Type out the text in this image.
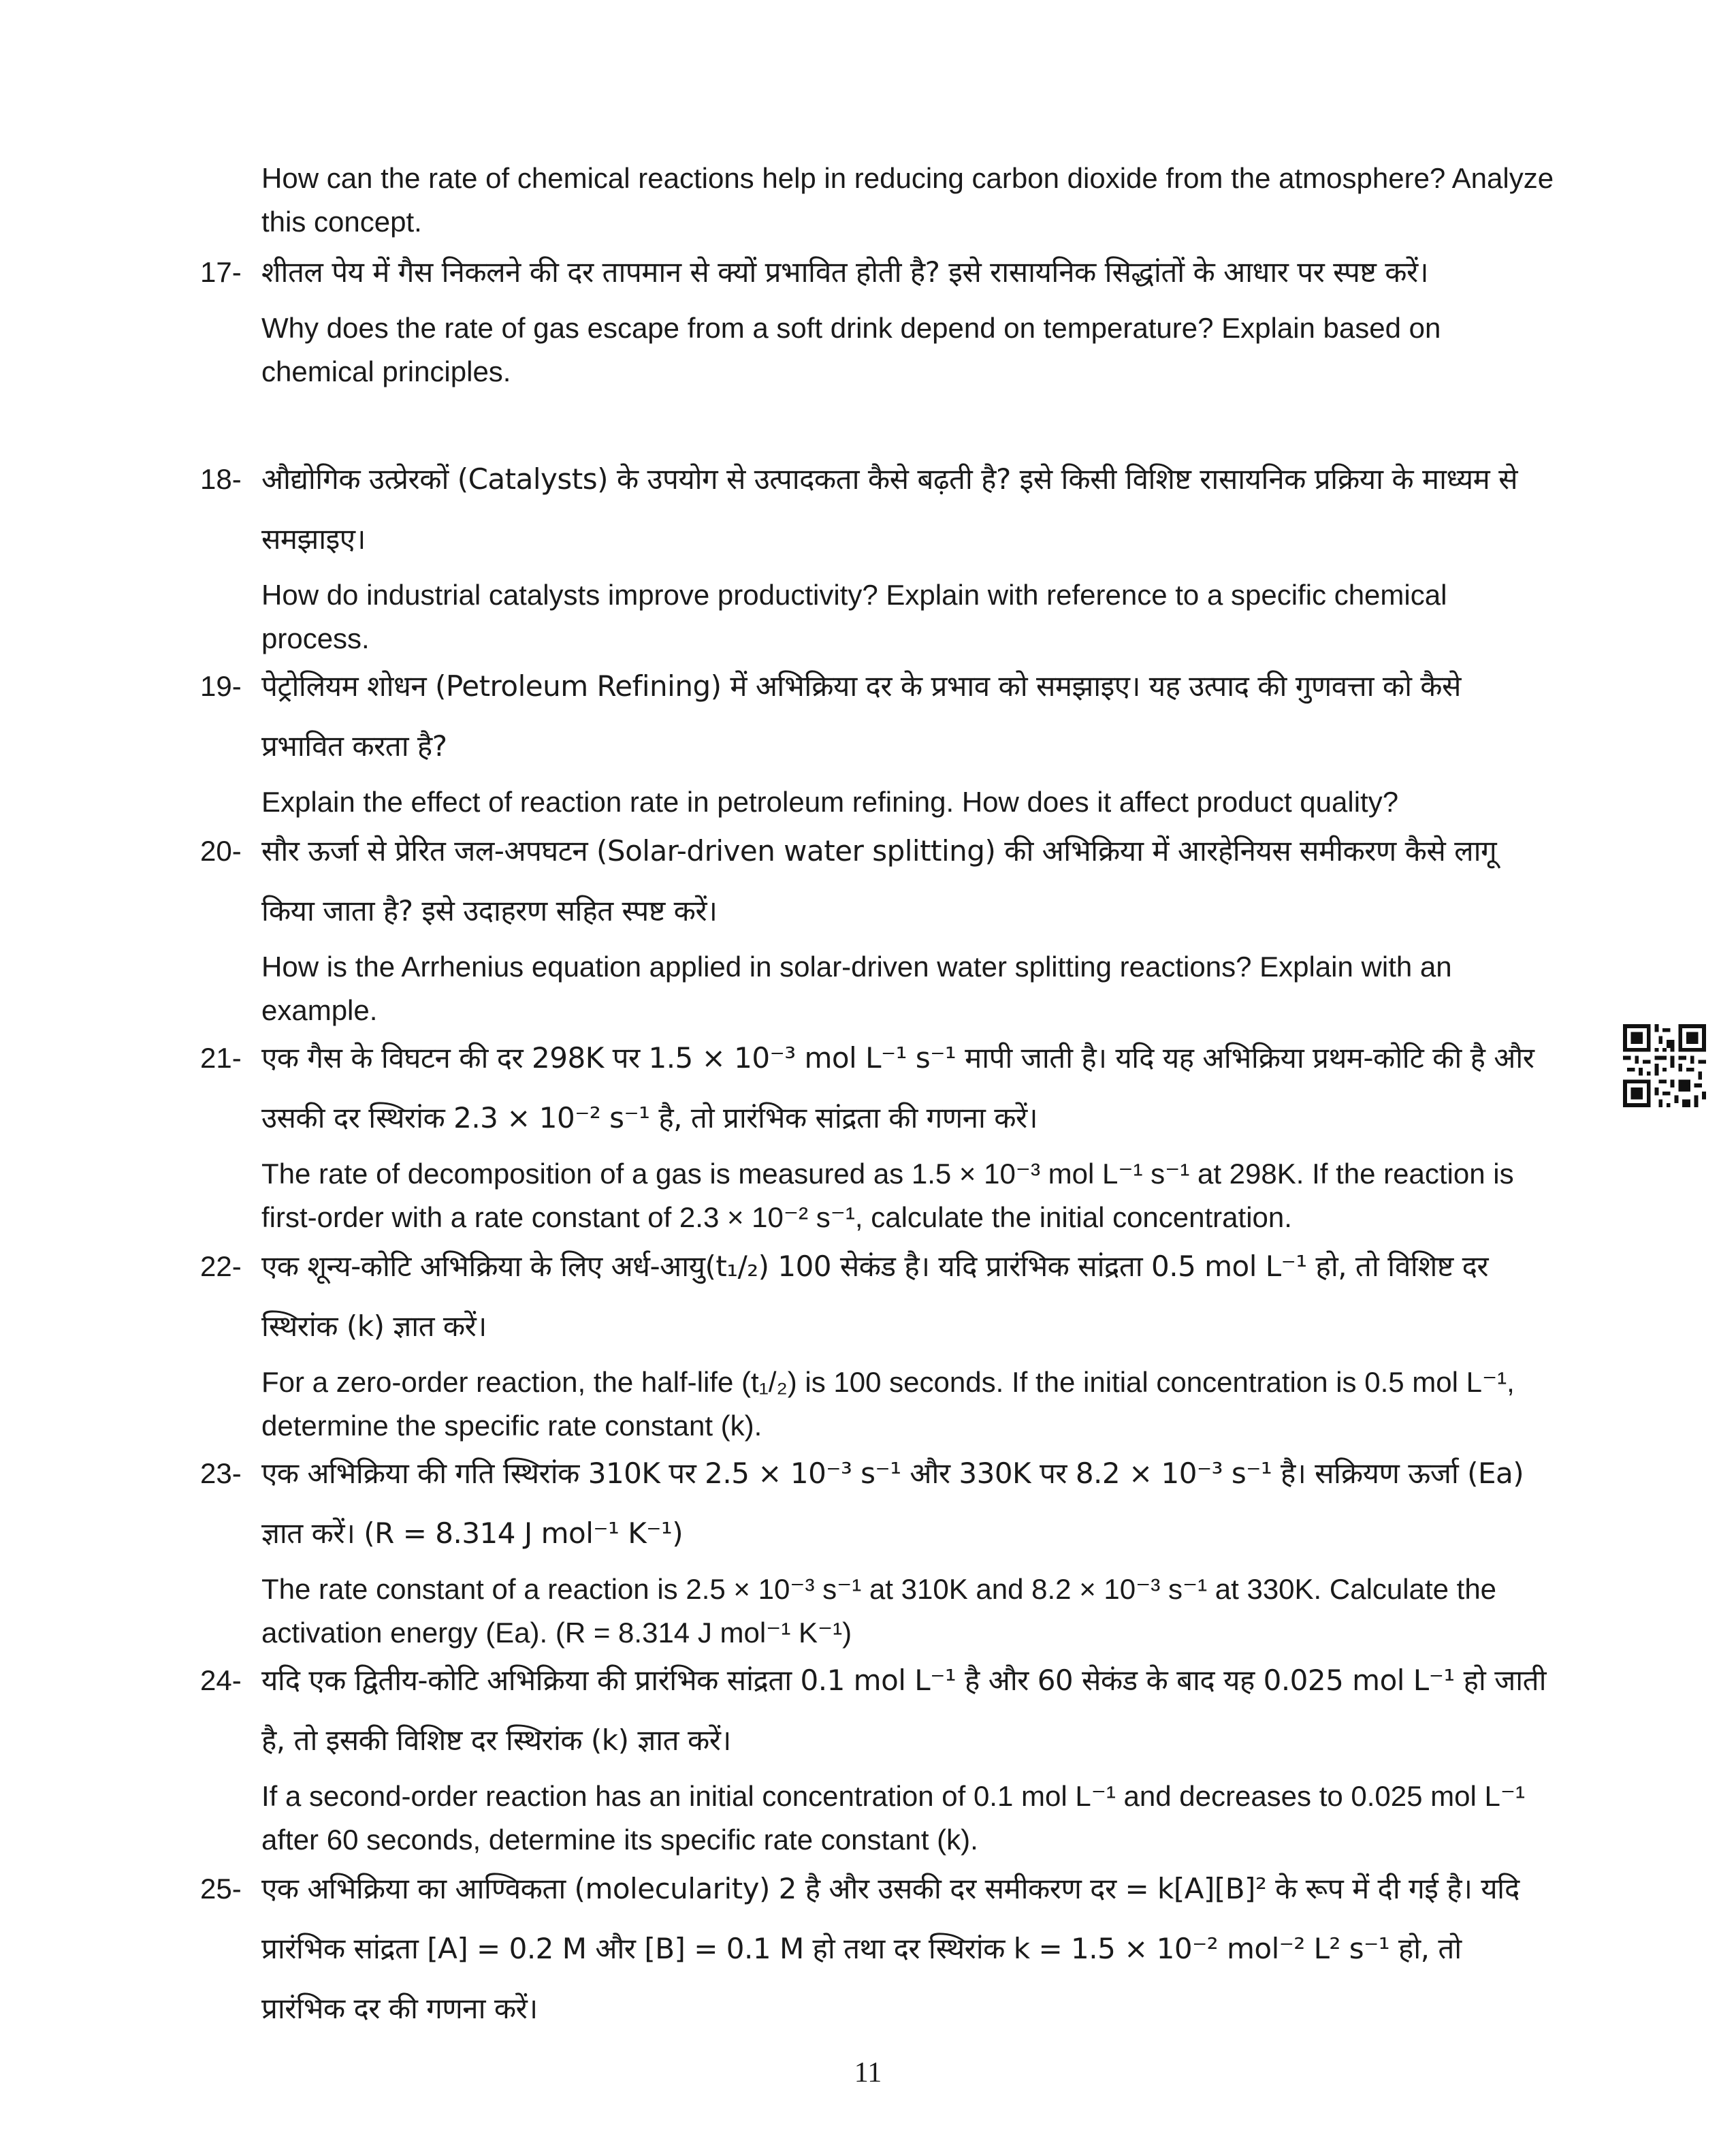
How can the rate of chemical reactions help in reducing carbon dioxide from the atmosphere? Analyze this concept.
17- शीतल पेय में गैस निकलने की दर तापमान से क्यों प्रभावित होती है? इसे रासायनिक सिद्धांतों के आधार पर स्पष्ट करें।
Why does the rate of gas escape from a soft drink depend on temperature? Explain based on chemical principles.
18- औद्योगिक उत्प्रेरकों (Catalysts) के उपयोग से उत्पादकता कैसे बढ़ती है? इसे किसी विशिष्ट रासायनिक प्रक्रिया के माध्यम से समझाइए।
How do industrial catalysts improve productivity? Explain with reference to a specific chemical process.
19- पेट्रोलियम शोधन (Petroleum Refining) में अभिक्रिया दर के प्रभाव को समझाइए। यह उत्पाद की गुणवत्ता को कैसे प्रभावित करता है?
Explain the effect of reaction rate in petroleum refining. How does it affect product quality?
20- सौर ऊर्जा से प्रेरित जल-अपघटन (Solar-driven water splitting) की अभिक्रिया में आरहेनियस समीकरण कैसे लागू किया जाता है? इसे उदाहरण सहित स्पष्ट करें।
How is the Arrhenius equation applied in solar-driven water splitting reactions? Explain with an example.
21- एक गैस के विघटन की दर 298K पर 1.5 × 10⁻³ mol L⁻¹ s⁻¹ मापी जाती है। यदि यह अभिक्रिया प्रथम-कोटि की है और उसकी दर स्थिरांक 2.3 × 10⁻² s⁻¹ है, तो प्रारंभिक सांद्रता की गणना करें।
The rate of decomposition of a gas is measured as 1.5 × 10⁻³ mol L⁻¹ s⁻¹ at 298K. If the reaction is first-order with a rate constant of 2.3 × 10⁻² s⁻¹, calculate the initial concentration.
22- एक शून्य-कोटि अभिक्रिया के लिए अर्ध-आयु(t₁/₂) 100 सेकंड है। यदि प्रारंभिक सांद्रता 0.5 mol L⁻¹ हो, तो विशिष्ट दर स्थिरांक (k) ज्ञात करें।
For a zero-order reaction, the half-life (t₁/₂) is 100 seconds. If the initial concentration is 0.5 mol L⁻¹, determine the specific rate constant (k).
23- एक अभिक्रिया की गति स्थिरांक 310K पर 2.5 × 10⁻³ s⁻¹ और 330K पर 8.2 × 10⁻³ s⁻¹ है। सक्रियण ऊर्जा (Ea) ज्ञात करें। (R = 8.314 J mol⁻¹ K⁻¹)
The rate constant of a reaction is 2.5 × 10⁻³ s⁻¹ at 310K and 8.2 × 10⁻³ s⁻¹ at 330K. Calculate the activation energy (Ea). (R = 8.314 J mol⁻¹ K⁻¹)
24- यदि एक द्वितीय-कोटि अभिक्रिया की प्रारंभिक सांद्रता 0.1 mol L⁻¹ है और 60 सेकंड के बाद यह 0.025 mol L⁻¹ हो जाती है, तो इसकी विशिष्ट दर स्थिरांक (k) ज्ञात करें।
If a second-order reaction has an initial concentration of 0.1 mol L⁻¹ and decreases to 0.025 mol L⁻¹ after 60 seconds, determine its specific rate constant (k).
25- एक अभिक्रिया का आण्विकता (molecularity) 2 है और उसकी दर समीकरण दर = k[A][B]² के रूप में दी गई है। यदि प्रारंभिक सांद्रता [A] = 0.2 M और [B] = 0.1 M हो तथा दर स्थिरांक k = 1.5 × 10⁻² mol⁻² L² s⁻¹ हो, तो प्रारंभिक दर की गणना करें।
11
